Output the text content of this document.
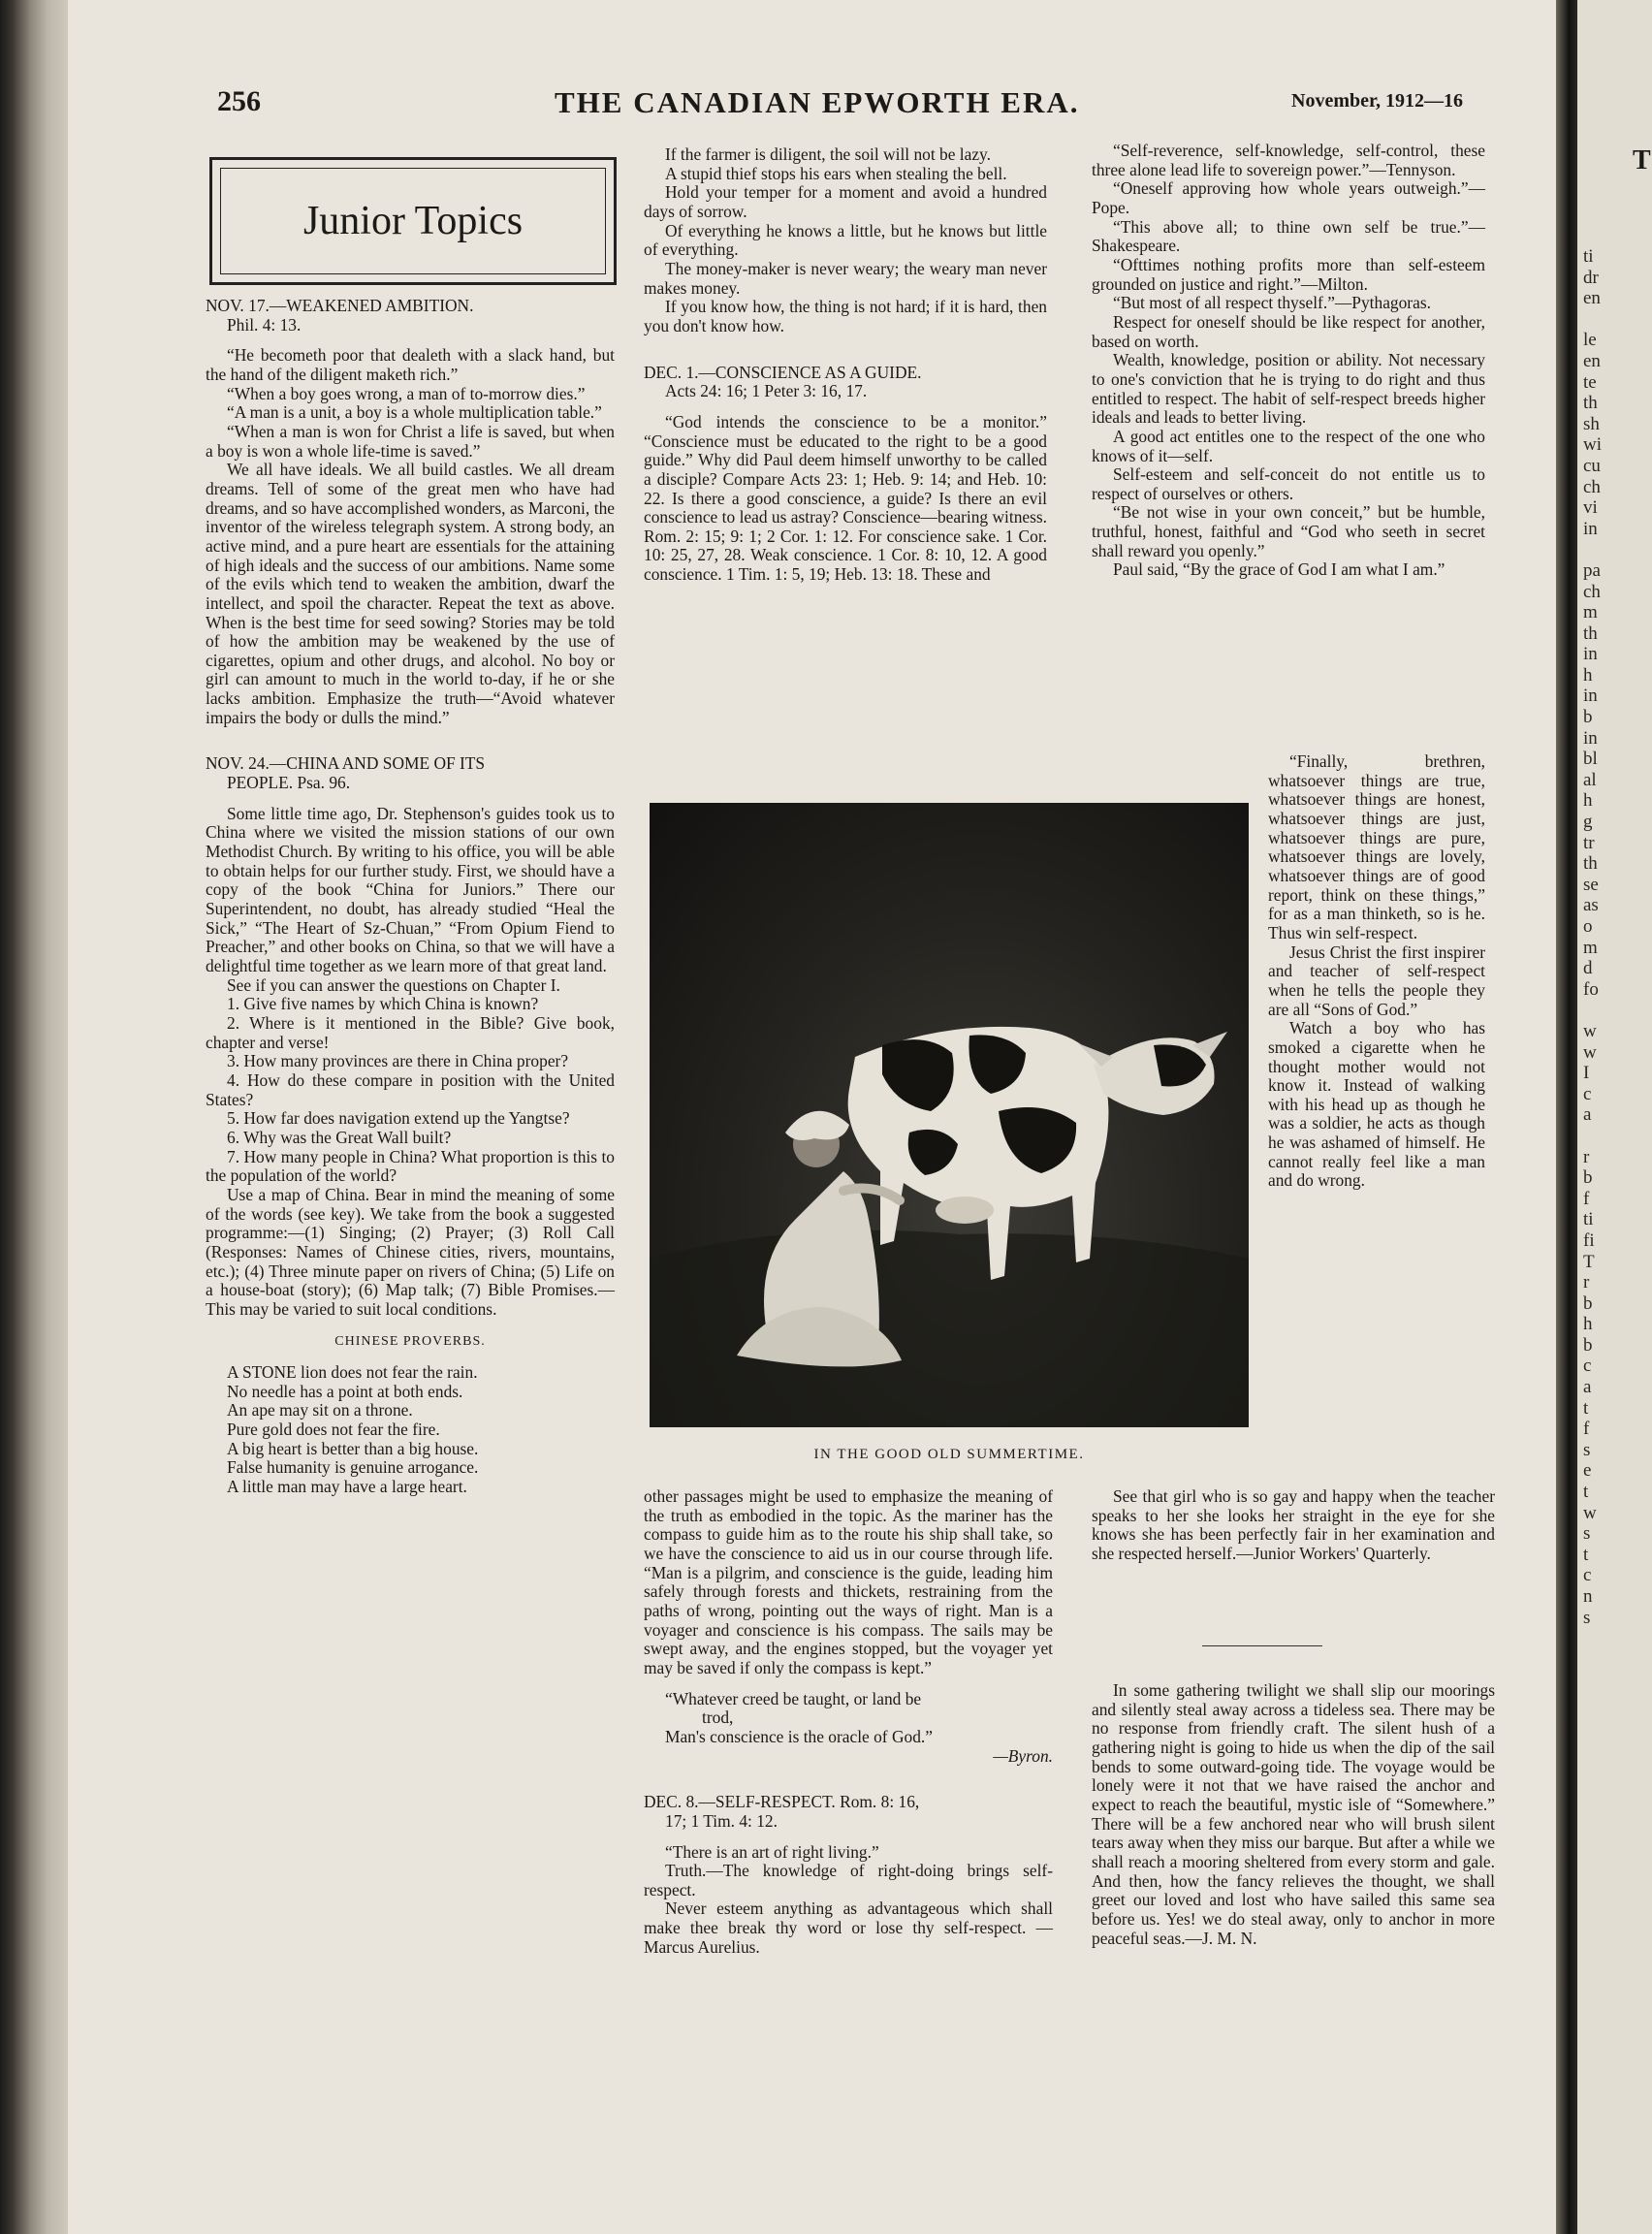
ti
dr
en

le
en
te
th
sh
wi
cu
ch
vi
in

pa
ch
m
th
in
h
in
b
in
bl
al
h
g
tr
th
se
as
o
m
d
fo

w
w
I
c
a

r
b
f
ti
fi
T
r
b
h
b
c
a
t
f
s
e
t
w
s
t
c
n
s
256	THE CANADIAN EPWORTH ERA.	November, 1912—16
T
Junior Topics

NOV. 17.—WEAKENED AMBITION.

Phil. 4: 13.

“He becometh poor that dealeth with a slack hand, but the hand of the diligent maketh rich.”

“When a boy goes wrong, a man of to-morrow dies.”

“A man is a unit, a boy is a whole multiplication table.”

“When a man is won for Christ a life is saved, but when a boy is won a whole life-time is saved.”

We all have ideals. We all build castles. We all dream dreams. Tell of some of the great men who have had dreams, and so have accomplished wonders, as Marconi, the inventor of the wireless telegraph system. A strong body, an active mind, and a pure heart are essentials for the attaining of high ideals and the success of our ambitions. Name some of the evils which tend to weaken the ambition, dwarf the intellect, and spoil the character. Repeat the text as above. When is the best time for seed sowing? Stories may be told of how the ambition may be weakened by the use of cigarettes, opium and other drugs, and alcohol. No boy or girl can amount to much in the world to-day, if he or she lacks ambition. Emphasize the truth—“Avoid whatever impairs the body or dulls the mind.”

NOV. 24.—CHINA AND SOME OF ITS

PEOPLE. Psa. 96.

Some little time ago, Dr. Stephenson's guides took us to China where we visited the mission stations of our own Methodist Church. By writing to his office, you will be able to obtain helps for our further study. First, we should have a copy of the book “China for Juniors.” There our Superintendent, no doubt, has already studied “Heal the Sick,” “The Heart of Sz-Chuan,” “From Opium Fiend to Preacher,” and other books on China, so that we will have a delightful time together as we learn more of that great land.

See if you can answer the questions on Chapter I.

1. Give five names by which China is known?

2. Where is it mentioned in the Bible? Give book, chapter and verse!

3. How many provinces are there in China proper?

4. How do these compare in position with the United States?

5. How far does navigation extend up the Yangtse?

6. Why was the Great Wall built?

7. How many people in China? What proportion is this to the population of the world?

Use a map of China. Bear in mind the meaning of some of the words (see key). We take from the book a suggested programme:—(1) Singing; (2) Prayer; (3) Roll Call (Responses: Names of Chinese cities, rivers, mountains, etc.); (4) Three minute paper on rivers of China; (5) Life on a house-boat (story); (6) Map talk; (7) Bible Promises.—This may be varied to suit local conditions.

CHINESE PROVERBS.

A STONE lion does not fear the rain.

No needle has a point at both ends.

An ape may sit on a throne.

Pure gold does not fear the fire.

A big heart is better than a big house.

False humanity is genuine arrogance.

A little man may have a large heart.

If the farmer is diligent, the soil will not be lazy.

A stupid thief stops his ears when stealing the bell.

Hold your temper for a moment and avoid a hundred days of sorrow.

Of everything he knows a little, but he knows but little of everything.

The money-maker is never weary; the weary man never makes money.

If you know how, the thing is not hard; if it is hard, then you don't know how.

DEC. 1.—CONSCIENCE AS A GUIDE.

Acts 24: 16; 1 Peter 3: 16, 17.

“God intends the conscience to be a monitor.” “Conscience must be educated to the right to be a good guide.” Why did Paul deem himself unworthy to be called a disciple? Compare Acts 23: 1; Heb. 9: 14; and Heb. 10: 22. Is there a good conscience, a guide? Is there an evil conscience to lead us astray? Conscience—bearing witness. Rom. 2: 15; 9: 1; 2 Cor. 1: 12. For conscience sake. 1 Cor. 10: 25, 27, 28. Weak conscience. 1 Cor. 8: 10, 12. A good conscience. 1 Tim. 1: 5, 19; Heb. 13: 18. These and

other passages might be used to emphasize the meaning of the truth as embodied in the topic. As the mariner has the compass to guide him as to the route his ship shall take, so we have the conscience to aid us in our course through life. “Man is a pilgrim, and conscience is the guide, leading him safely through forests and thickets, restraining from the paths of wrong, pointing out the ways of right. Man is a voyager and conscience is his compass. The sails may be swept away, and the engines stopped, but the voyager yet may be saved if only the compass is kept.”

“Whatever creed be taught, or land be

trod,

Man's conscience is the oracle of God.”

—Byron.

DEC. 8.—SELF-RESPECT. Rom. 8: 16,

17; 1 Tim. 4: 12.

“There is an art of right living.”

Truth.—The knowledge of right-doing brings self-respect.

Never esteem anything as advantageous which shall make thee break thy word or lose thy self-respect. — Marcus Aurelius.

“Self-reverence, self-knowledge, self-control, these three alone lead life to sovereign power.”—Tennyson.

“Oneself approving how whole years outweigh.”—Pope.

“This above all; to thine own self be true.”—Shakespeare.

“Ofttimes nothing profits more than self-esteem grounded on justice and right.”—Milton.

“But most of all respect thyself.”—Pythagoras.

Respect for oneself should be like respect for another, based on worth.

Wealth, knowledge, position or ability. Not necessary to one's conviction that he is trying to do right and thus entitled to respect. The habit of self-respect breeds higher ideals and leads to better living.

A good act entitles one to the respect of the one who knows of it—self.

Self-esteem and self-conceit do not entitle us to respect of ourselves or others.

“Be not wise in your own conceit,” but be humble, truthful, honest, faithful and “God who seeth in secret shall reward you openly.”

Paul said, “By the grace of God I am what I am.”

“Finally, brethren, whatsoever things are true, whatsoever things are honest, whatsoever things are just, whatsoever things are pure, whatsoever things are lovely, whatsoever things are of good report, think on these things,” for as a man thinketh, so is he. Thus win self-respect.

Jesus Christ the first inspirer and teacher of self-respect when he tells the people they are all “Sons of God.”

Watch a boy who has smoked a cigarette when he thought mother would not know it. Instead of walking with his head up as though he was a soldier, he acts as though he was ashamed of himself. He cannot really feel like a man and do wrong.

See that girl who is so gay and happy when the teacher speaks to her she looks her straight in the eye for she knows she has been perfectly fair in her examination and she respected herself.—Junior Workers' Quarterly.

In some gathering twilight we shall slip our moorings and silently steal away across a tideless sea. There may be no response from friendly craft. The silent hush of a gathering night is going to hide us when the dip of the sail bends to some outward-going tide. The voyage would be lonely were it not that we have raised the anchor and expect to reach the beautiful, mystic isle of “Somewhere.” There will be a few anchored near who will brush silent tears away when they miss our barque. But after a while we shall reach a mooring sheltered from every storm and gale. And then, how the fancy relieves the thought, we shall greet our loved and lost who have sailed this same sea before us. Yes! we do steal away, only to anchor in more peaceful seas.—J. M. N.

IN THE GOOD OLD SUMMERTIME.
